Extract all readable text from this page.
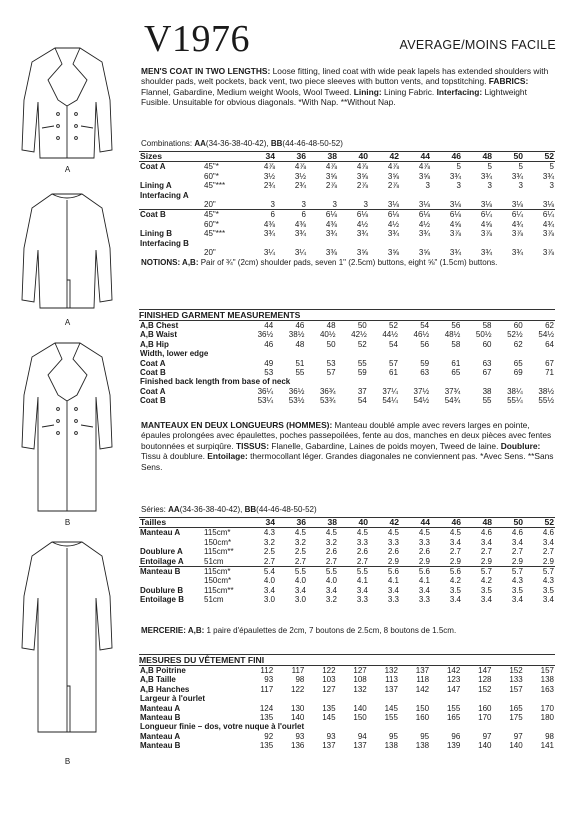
A
A
B
B
V1976	AVERAGE/MOINS FACILE
MEN'S COAT IN TWO LENGTHS: Loose fitting, lined coat with wide peak lapels has extended shoulders with shoulder pads, welt pockets, back vent, two piece sleeves with button vents, and topstitching. FABRICS: Flannel, Gabardine, Medium weight Wools, Wool Tweed. Lining: Lining Fabric. Interfacing: Lightweight Fusible. Unsuitable for obvious diagonals. *With Nap. **Without Nap.
Combinations: AA(34-36-38-40-42), BB(44-46-48-50-52)
Sizes		34	36	38	40	42	44	46	48	50	52
Coat A	45"*	4⅞	4⅞	4⅞	4⅞	4⅞	4⅞	5	5	5	5
	60"*	3½	3½	3⅝	3⅝	3⅝	3⅝	3¾	3¾	3¾	3¾
Lining A	45"***	2¾	2¾	2⅞	2⅞	2⅞	3	3	3	3	3
Interfacing A											
	20"	3	3	3	3	3⅛	3⅛	3⅛	3⅛	3⅛	3⅛
Coat B	45"*	6	6	6⅛	6⅛	6⅛	6⅛	6⅛	6¼	6¼	6¼
	60"*	4⅜	4⅜	4⅜	4½	4½	4½	4⅝	4⅝	4¾	4¾
Lining B	45"***	3¾	3¾	3¾	3¾	3¾	3¾	3⅞	3⅞	3⅞	3⅞
Interfacing B											
	20"	3¼	3¼	3⅜	3⅝	3⅝	3⅝	3¾	3¾	3¾	3⅞
NOTIONS: A,B: Pair of ¾" (2cm) shoulder pads, seven 1" (2.5cm) buttons, eight ⅝" (1.5cm) buttons.
FINISHED GARMENT MEASUREMENTS
A,B Chest	44	46	48	50	52	54	56	58	60	62
A,B Waist	36½	38½	40½	42½	44½	46½	48½	50½	52½	54½
A,B Hip	46	48	50	52	54	56	58	60	62	64
Width, lower edge										
Coat A	49	51	53	55	57	59	61	63	65	67
Coat B	53	55	57	59	61	63	65	67	69	71
Finished back length from base of neck										
Coat A	36¼	36½	36¾	37	37¼	37½	37¾	38	38¼	38½
Coat B	53¼	53½	53¾	54	54¼	54½	54¾	55	55¼	55½
MANTEAUX EN DEUX LONGUEURS (HOMMES): Manteau doublé ample avec revers larges en pointe, épaules prolongées avec épaulettes, poches passepoilées, fente au dos, manches en deux pièces avec fentes boutonnées et surpiqûre. TISSUS: Flanelle, Gabardine, Laines de poids moyen, Tweed de laine. Doublure: Tissu à doublure. Entoilage: thermocollant léger. Grandes diagonales ne conviennent pas. *Avec Sens. **Sans Sens.
Séries: AA(34-36-38-40-42), BB(44-46-48-50-52)
Tailles		34	36	38	40	42	44	46	48	50	52
Manteau A	115cm*	4.3	4.5	4.5	4.5	4.5	4.5	4.5	4.6	4.6	4.6
	150cm*	3.2	3.2	3.2	3.3	3.3	3.3	3.4	3.4	3.4	3.4
Doublure A	115cm**	2.5	2.5	2.6	2.6	2.6	2.6	2.7	2.7	2.7	2.7
Entoilage A	51cm	2.7	2.7	2.7	2.7	2.9	2.9	2.9	2.9	2.9	2.9
Manteau B	115cm*	5.4	5.5	5.5	5.5	5.6	5.6	5.6	5.7	5.7	5.7
	150cm*	4.0	4.0	4.0	4.1	4.1	4.1	4.2	4.2	4.3	4.3
Doublure B	115cm**	3.4	3.4	3.4	3.4	3.4	3.4	3.5	3.5	3.5	3.5
Entoilage B	51cm	3.0	3.0	3.2	3.3	3.3	3.3	3.4	3.4	3.4	3.4
MERCERIE: A,B: 1 paire d'épaulettes de 2cm, 7 boutons de 2.5cm, 8 boutons de 1.5cm.
MESURES DU VÊTEMENT FINI
A,B Poitrine	112	117	122	127	132	137	142	147	152	157
A,B Taille	93	98	103	108	113	118	123	128	133	138
A,B Hanches	117	122	127	132	137	142	147	152	157	163
Largeur à l'ourlet										
Manteau A	124	130	135	140	145	150	155	160	165	170
Manteau B	135	140	145	150	155	160	165	170	175	180
Longueur finie – dos, votre nuque à l'ourlet										
Manteau A	92	93	93	94	95	95	96	97	97	98
Manteau B	135	136	137	137	138	138	139	140	140	141
